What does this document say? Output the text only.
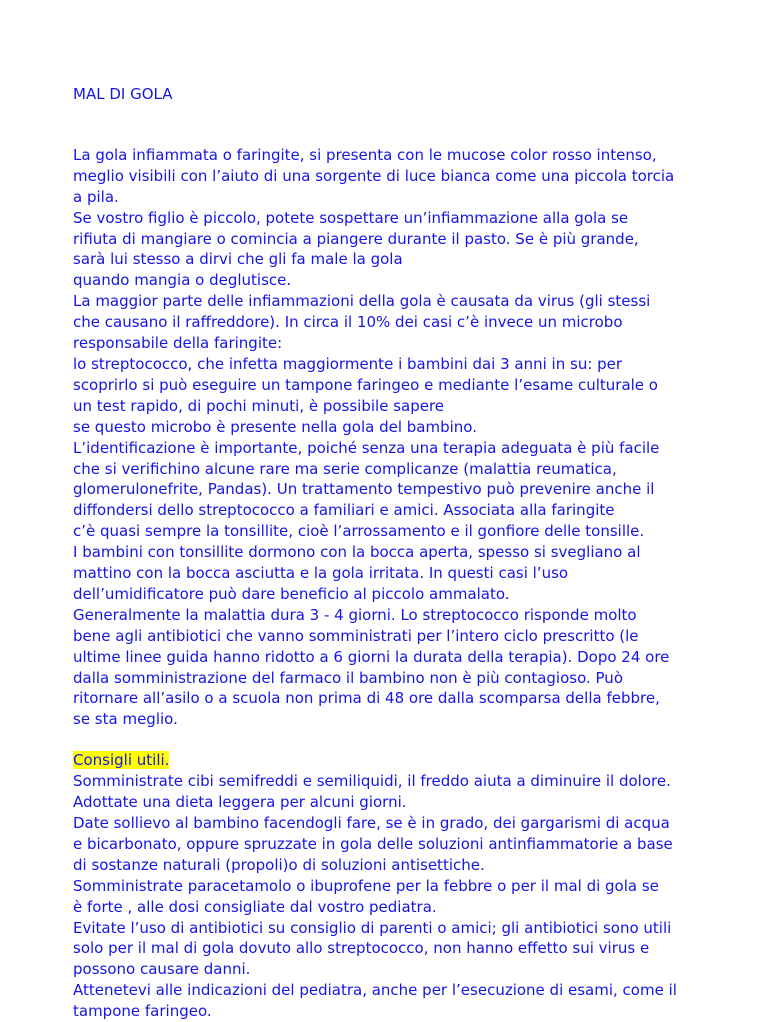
MAL DI GOLA

La gola infiammata o faringite, si presenta con le mucose color rosso intenso,
meglio visibili con l’aiuto di una sorgente di luce bianca come una piccola torcia
a pila.
Se vostro figlio è piccolo, potete sospettare un’infiammazione alla gola se
rifiuta di mangiare o comincia a piangere durante il pasto. Se è più grande,
sarà lui stesso a dirvi che gli fa male la gola
quando mangia o deglutisce.
La maggior parte delle infiammazioni della gola è causata da virus (gli stessi
che causano il raffreddore). In circa il 10% dei casi c’è invece un microbo
responsabile della faringite:
lo streptococco, che infetta maggiormente i bambini dai 3 anni in su: per
scoprirlo si può eseguire un tampone faringeo e mediante l’esame culturale o
un test rapido, di pochi minuti, è possibile sapere
se questo microbo è presente nella gola del bambino.
L’identificazione è importante, poiché senza una terapia adeguata è più facile
che si verifichino alcune rare ma serie complicanze (malattia reumatica,
glomerulonefrite, Pandas). Un trattamento tempestivo può prevenire anche il
diffondersi dello streptococco a familiari e amici. Associata alla faringite
c’è quasi sempre la tonsillite, cioè l’arrossamento e il gonfiore delle tonsille.
I bambini con tonsillite dormono con la bocca aperta, spesso si svegliano al
mattino con la bocca asciutta e la gola irritata. In questi casi l’uso
dell’umidificatore può dare beneficio al piccolo ammalato.
Generalmente la malattia dura 3 - 4 giorni. Lo streptococco risponde molto
bene agli antibiotici che vanno somministrati per l’intero ciclo prescritto (le
ultime linee guida hanno ridotto a 6 giorni la durata della terapia). Dopo 24 ore
dalla somministrazione del farmaco il bambino non è più contagioso. Può
ritornare all’asilo o a scuola non prima di 48 ore dalla scomparsa della febbre,
se sta meglio.

Consigli utili.

Somministrate cibi semifreddi e semiliquidi, il freddo aiuta a diminuire il dolore.
Adottate una dieta leggera per alcuni giorni.
Date sollievo al bambino facendogli fare, se è in grado, dei gargarismi di acqua
e bicarbonato, oppure spruzzate in gola delle soluzioni antinfiammatorie a base
di sostanze naturali (propoli)o di soluzioni antisettiche.
Somministrate paracetamolo o ibuprofene per la febbre o per il mal di gola se
è forte , alle dosi consigliate dal vostro pediatra.
Evitate l’uso di antibiotici su consiglio di parenti o amici; gli antibiotici sono utili
solo per il mal di gola dovuto allo streptococco, non hanno effetto sui virus e
possono causare danni.
Attenetevi alle indicazioni del pediatra, anche per l’esecuzione di esami, come il
tampone faringeo.
